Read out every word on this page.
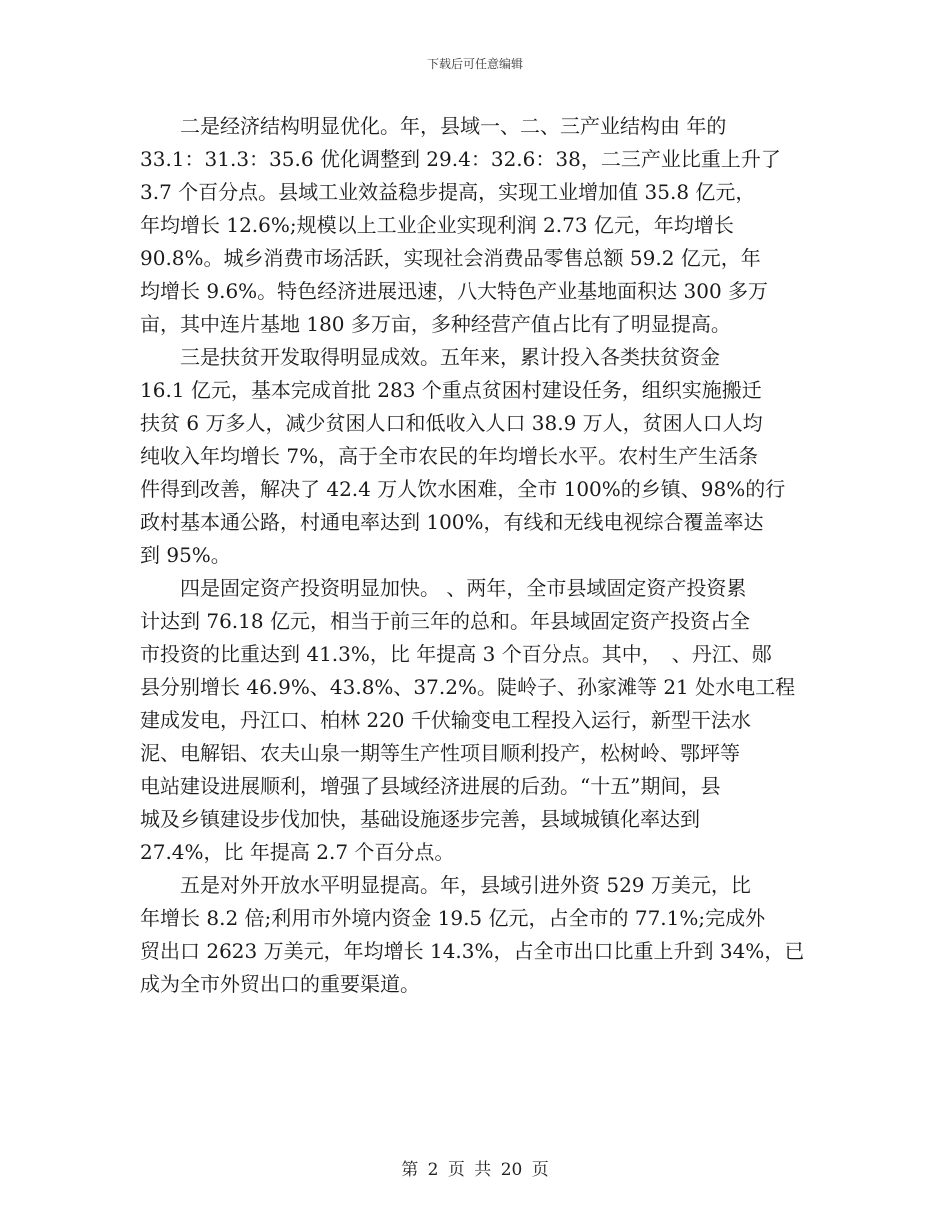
下载后可任意编辑
　　二是经济结构明显优化。年，县域一、二、三产业结构由 年的
33.1：31.3：35.6 优化调整到 29.4：32.6：38，二三产业比重上升了
3.7 个百分点。县域工业效益稳步提高，实现工业增加值 35.8 亿元，
年均增长 12.6%;规模以上工业企业实现利润 2.73 亿元，年均增长
90.8%。城乡消费市场活跃，实现社会消费品零售总额 59.2 亿元，年
均增长 9.6%。特色经济进展迅速，八大特色产业基地面积达 300 多万
亩，其中连片基地 180 多万亩，多种经营产值占比有了明显提高。
　　三是扶贫开发取得明显成效。五年来，累计投入各类扶贫资金
16.1 亿元，基本完成首批 283 个重点贫困村建设任务，组织实施搬迁
扶贫 6 万多人，减少贫困人口和低收入人口 38.9 万人，贫困人口人均
纯收入年均增长 7%，高于全市农民的年均增长水平。农村生产生活条
件得到改善，解决了 42.4 万人饮水困难，全市 100%的乡镇、98%的行
政村基本通公路，村通电率达到 100%，有线和无线电视综合覆盖率达
到 95%。
　　四是固定资产投资明显加快。 、两年，全市县域固定资产投资累
计达到 76.18 亿元，相当于前三年的总和。年县域固定资产投资占全
市投资的比重达到 41.3%，比 年提高 3 个百分点。其中，　、丹江、郧
县分别增长 46.9%、43.8%、37.2%。陡岭子、孙家滩等 21 处水电工程
建成发电，丹江口、柏林 220 千伏输变电工程投入运行，新型干法水
泥、电解铝、农夫山泉一期等生产性项目顺利投产，松树岭、鄂坪等
电站建设进展顺利，增强了县域经济进展的后劲。“十五”期间，县
城及乡镇建设步伐加快，基础设施逐步完善，县域城镇化率达到
27.4%，比 年提高 2.7 个百分点。
　　五是对外开放水平明显提高。年，县域引进外资 529 万美元，比
年增长 8.2 倍;利用市外境内资金 19.5 亿元，占全市的 77.1%;完成外
贸出口 2623 万美元，年均增长 14.3%，占全市出口比重上升到 34%，已
成为全市外贸出口的重要渠道。
第 2 页 共 20 页
